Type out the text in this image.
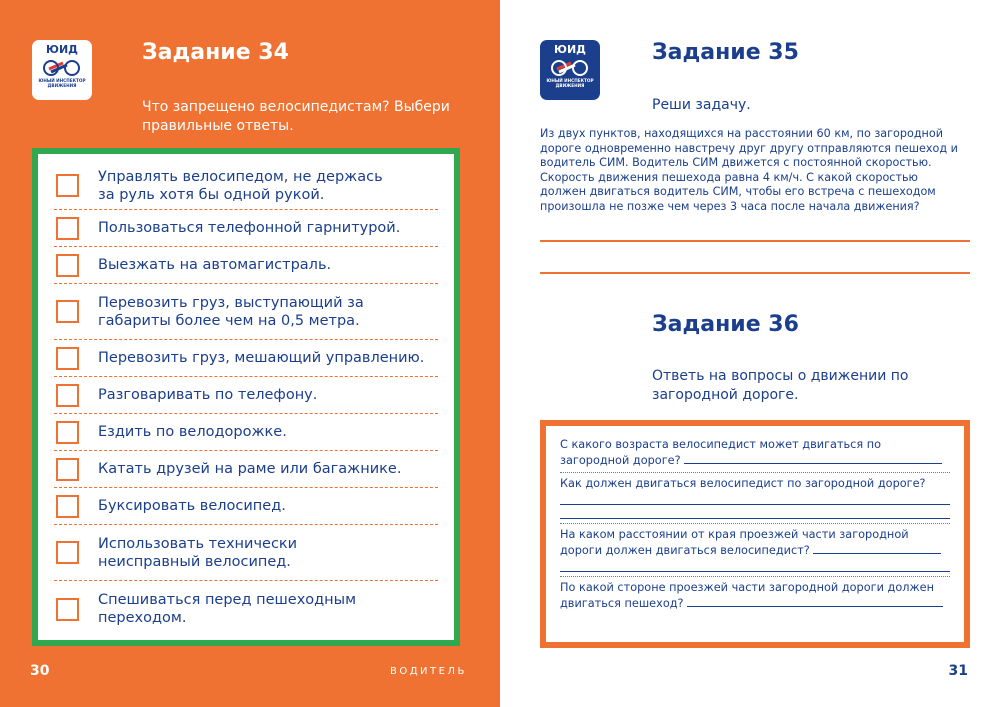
ЮИД
ЮНЫЙ ИНСПЕКТОР ДВИЖЕНИЯ
Задание 34
Что запрещено велосипедистам? Выбери правильные ответы.
Управлять велосипедом, не держась за руль хотя бы одной рукой.
Пользоваться телефонной гарнитурой.
Выезжать на автомагистраль.
Перевозить груз, выступающий за габариты более чем на 0,5 метра.
Перевозить груз, мешающий управлению.
Разговаривать по телефону.
Ездить по велодорожке.
Катать друзей на раме или багажнике.
Буксировать велосипед.
Использовать технически неисправный велосипед.
Спешиваться перед пешеходным переходом.
30	ВОДИТЕЛЬ
ЮИД
ЮНЫЙ ИНСПЕКТОР ДВИЖЕНИЯ
Задание 35
Реши задачу.
Из двух пунктов, находящихся на расстоянии 60 км, по загородной дороге одновременно навстречу друг другу отправляются пешеход и водитель СИМ. Водитель СИМ движется с постоянной скоростью. Скорость движения пешехода равна 4 км/ч. С какой скоростью должен двигаться водитель СИМ, чтобы его встреча с пешеходом произошла не позже чем через 3 часа после начала движения?
Задание 36
Ответь на вопросы о движении по загородной дороге.
С какого возраста велосипедист может двигаться по загородной дороге?
Как должен двигаться велосипедист по загородной дороге?
На каком расстоянии от края проезжей части загородной дороги должен двигаться велосипедист?
По какой стороне проезжей части загородной дороги должен двигаться пешеход?
31
